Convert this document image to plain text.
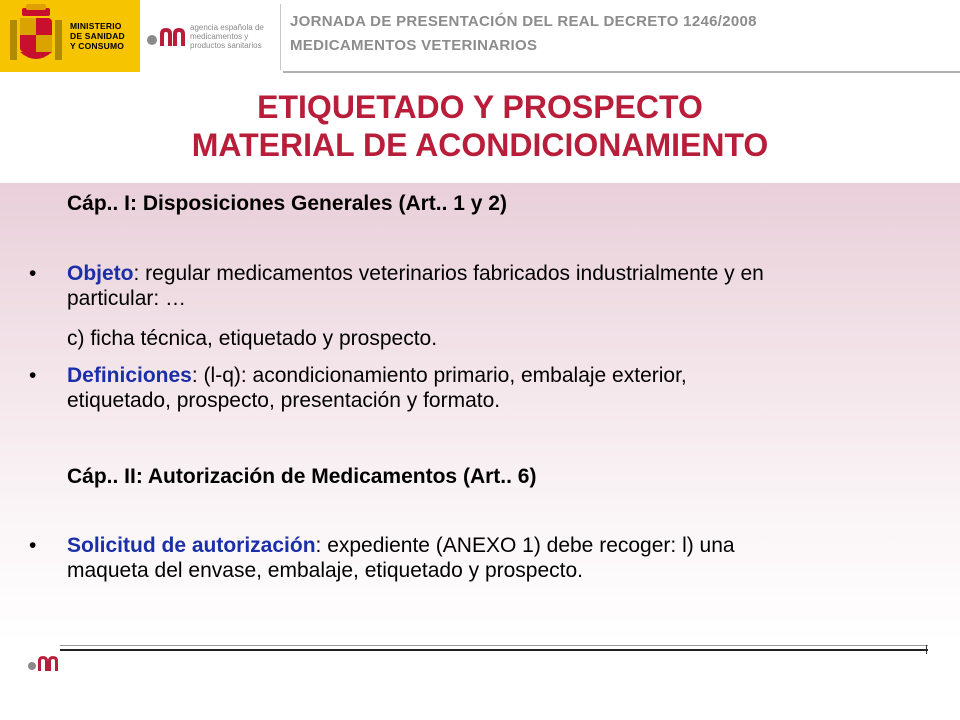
MINISTERIO
DE SANIDAD
Y CONSUMO
agencia española de
medicamentos y
productos sanitarios
JORNADA DE PRESENTACIÓN DEL REAL DECRETO 1246/2008
MEDICAMENTOS VETERINARIOS
ETIQUETADO Y PROSPECTO
MATERIAL DE ACONDICIONAMIENTO
Cáp.. I: Disposiciones Generales (Art.. 1 y 2)
•	Objeto: regular medicamentos veterinarios fabricados industrialmente y en
particular: …
c) ficha técnica, etiquetado y prospecto.
•	Definiciones: (l-q): acondicionamiento primario, embalaje exterior,
etiquetado, prospecto, presentación y formato.
Cáp.. II: Autorización de Medicamentos (Art.. 6)
•	Solicitud de autorización: expediente (ANEXO 1) debe recoger: l) una
maqueta del envase, embalaje, etiquetado y prospecto.
